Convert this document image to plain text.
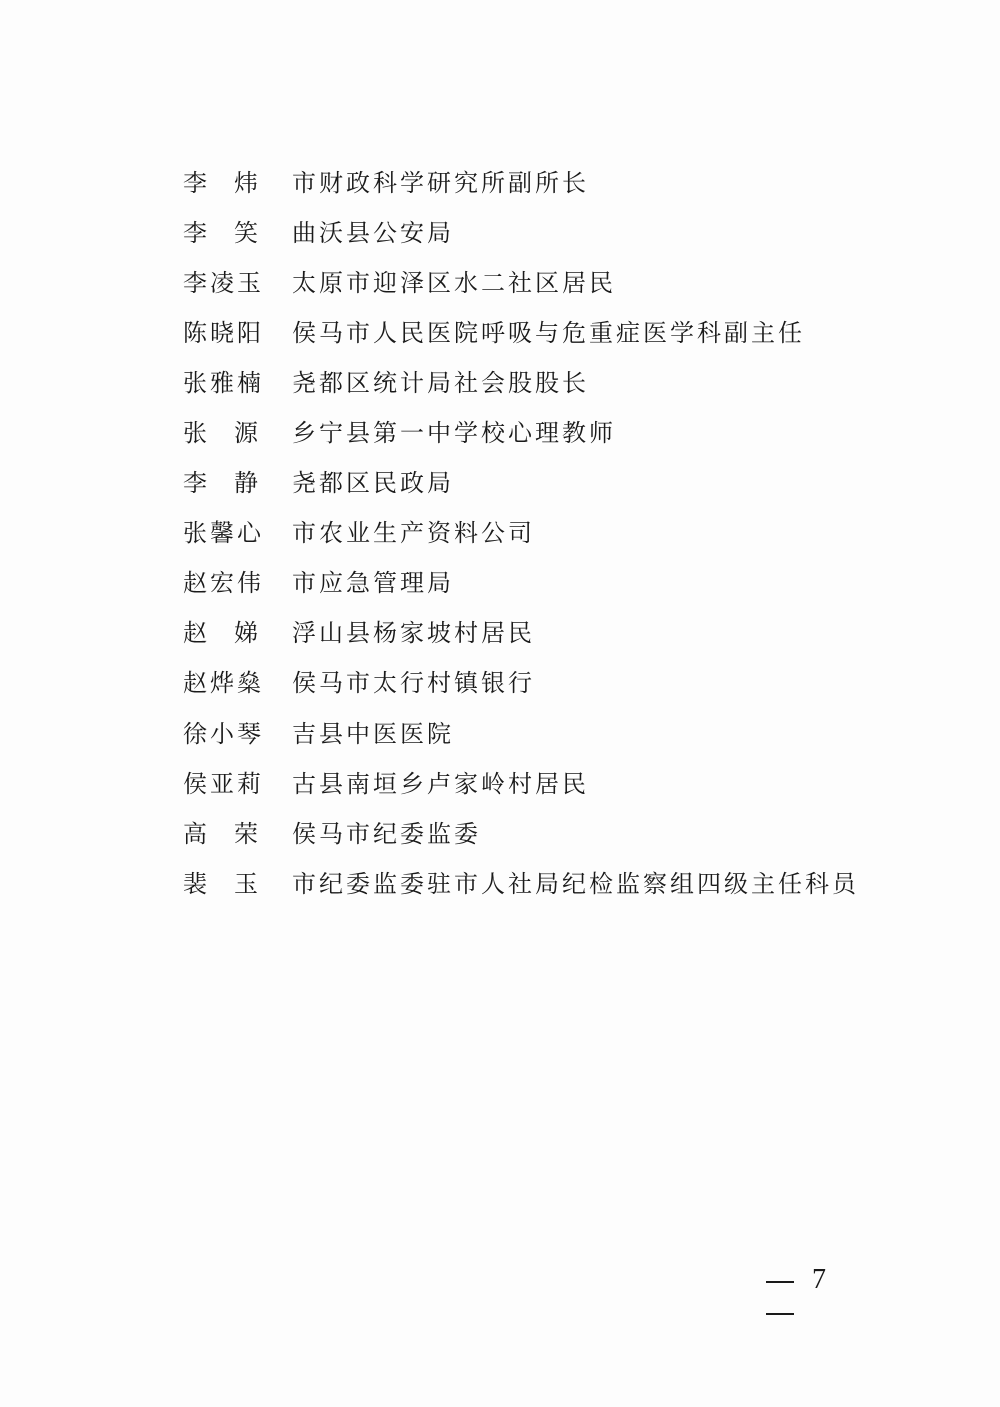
李 炜 市财政科学研究所副所长
李 笑 曲沃县公安局
李 凌 玉 太原市迎泽区水二社区居民
陈 晓 阳 侯马市人民医院呼吸与危重症医学科副主任
张 雅 楠 尧都区统计局社会股股长
张 源 乡宁县第一中学校心理教师
李 静 尧都区民政局
张 馨 心 市农业生产资料公司
赵 宏 伟 市应急管理局
赵 娣 浮山县杨家坡村居民
赵 烨 燊 侯马市太行村镇银行
徐 小 琴 吉县中医医院
侯 亚 莉 古县南垣乡卢家岭村居民
高 荣 侯马市纪委监委
裴 玉 市纪委监委驻市人社局纪检监察组四级主任科员
7
